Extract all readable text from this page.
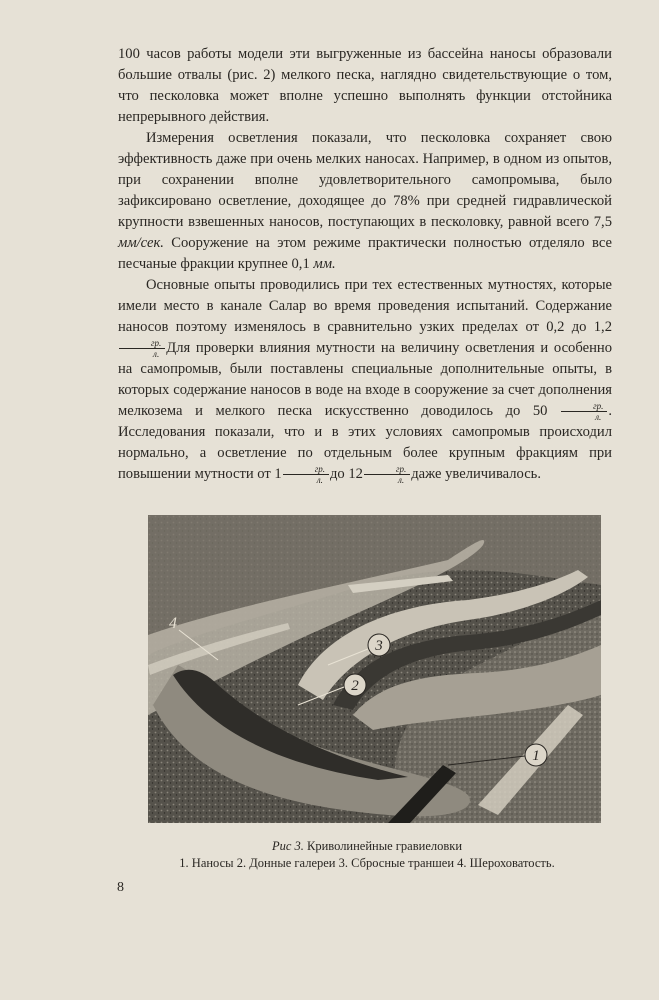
100 часов работы модели эти выгруженные из бассейна наносы образовали большие отвалы (рис. 2) мелкого песка, наглядно свидетельствующие о том, что песколовка может вполне успешно выполнять функции отстойника непрерывного действия.

Измерения осветления показали, что песколовка сохраняет свою эффективность даже при очень мелких наносах. Например, в одном из опытов, при сохранении вполне удовлетворительного самопромыва, было зафиксировано осветление, доходящее до 78% при средней гидравлической крупности взвешенных наносов, поступающих в песколовку, равной всего 7,5 мм/сек. Сооружение на этом режиме практически полностью отделяло все песчаные фракции крупнее 0,1 мм.

Основные опыты проводились при тех естественных мутностях, которые имели место в канале Салар во время проведения испытаний. Содержание наносов поэтому изменялось в сравнительно узких пределах от 0,2 до 1,2
$\frac{гр.}{л.}$ Для проверки влияния мутности на величину осветления и особенно на самопромыв, были поставлены специальные дополнительные опыты, в которых содержание наносов в воде на входе в сооружение за счет дополнения мелкозема и мелкого песка искусственно доводилось до $50 \frac{гр.}{л.}$ . Исследования показали, что и в этих условиях самопромыв происходил нормально, а осветление по отдельным более крупным фракциям при повышении мутности от $1 \frac{гр.}{л.}$ до $12 \frac{гр.}{л.}$ даже увеличивалось.

3
2
1
4
Рис 3. Криволинейные гравиеловки
1. Наносы 2. Донные галереи 3. Сбросные траншеи 4. Шероховатость.
8
